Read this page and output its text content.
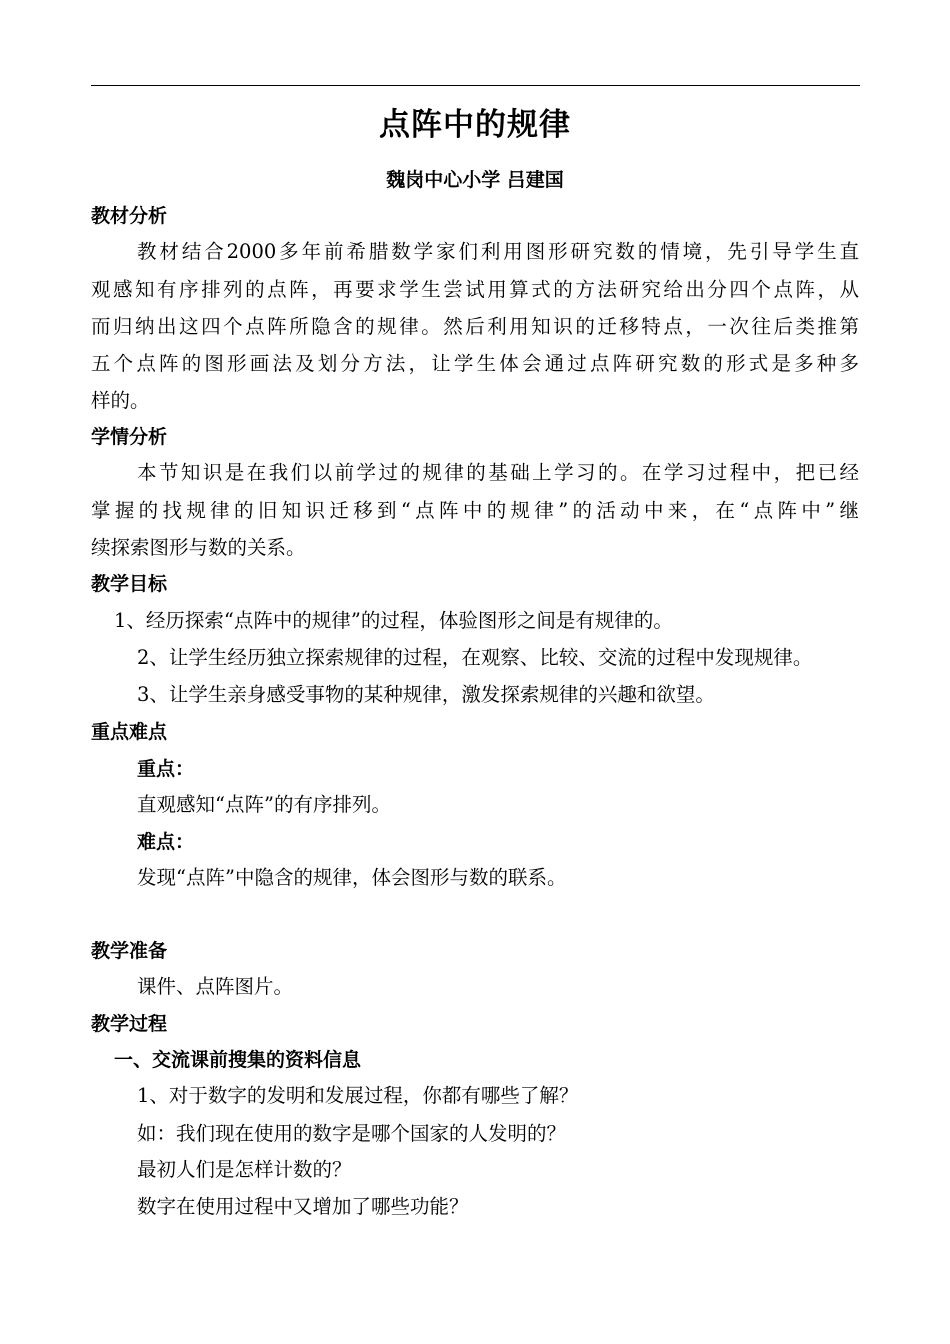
点阵中的规律
魏岗中心小学 吕建国
教材分析
教材结合2000多年前希腊数学家们利用图形研究数的情境，先引导学生直
观感知有序排列的点阵，再要求学生尝试用算式的方法研究给出分四个点阵，从
而归纳出这四个点阵所隐含的规律。然后利用知识的迁移特点，一次往后类推第
五个点阵的图形画法及划分方法，让学生体会通过点阵研究数的形式是多种多
样的。
学情分析
本节知识是在我们以前学过的规律的基础上学习的。在学习过程中，把已经
掌握的找规律的旧知识迁移到“点阵中的规律”的活动中来，在“点阵中”继
续探索图形与数的关系。
教学目标
1、经历探索“点阵中的规律”的过程，体验图形之间是有规律的。
2、让学生经历独立探索规律的过程，在观察、比较、交流的过程中发现规律。
3、让学生亲身感受事物的某种规律，激发探索规律的兴趣和欲望。
重点难点
重点：
直观感知“点阵”的有序排列。
难点：
发现“点阵”中隐含的规律，体会图形与数的联系。
教学准备
课件、点阵图片。
教学过程
一、交流课前搜集的资料信息
1、对于数字的发明和发展过程，你都有哪些了解？
如：我们现在使用的数字是哪个国家的人发明的？
最初人们是怎样计数的？
数字在使用过程中又增加了哪些功能？
